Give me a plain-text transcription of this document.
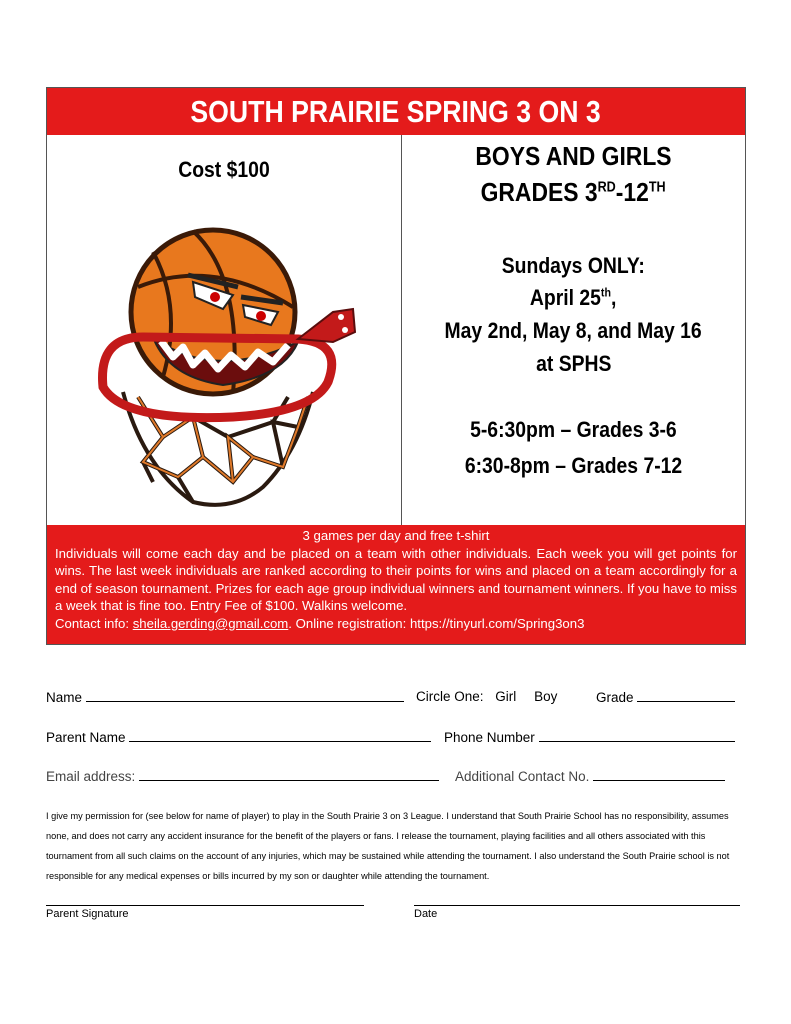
SOUTH PRAIRIE SPRING 3 ON 3
Cost $100	BOYS AND GIRLS
GRADES 3RD-12TH
Sundays ONLY:
April 25th,
May 2nd, May 8, and May 16
at SPHS
5-6:30pm – Grades 3-6
6:30-8pm – Grades 7-12
3 games per day and free t-shirt

Individuals will come each day and be placed on a team with other individuals. Each week you will get points for wins. The last week individuals are ranked according to their points for wins and placed on a team accordingly for a end of season tournament. Prizes for each age group individual winners and tournament winners. If you have to miss a week that is fine too. Entry Fee of $100. Walkins welcome.

Contact info: sheila.gerding@gmail.com. Online registration: https://tinyurl.com/Spring3on3

Name	Circle One: Girl Boy	Grade
Parent Name	Phone Number
Email address:	Additional Contact No.
I give my permission for (see below for name of player) to play in the South Prairie 3 on 3 League. I understand that South Prairie School has no responsibility, assumes none, and does not carry any accident insurance for the benefit of the players or fans. I release the tournament, playing facilities and all others associated with this tournament from all such claims on the account of any injuries, which may be sustained while attending the tournament. I also understand the South Prairie school is not responsible for any medical expenses or bills incurred by my son or daughter while attending the tournament.
Parent Signature	Date
